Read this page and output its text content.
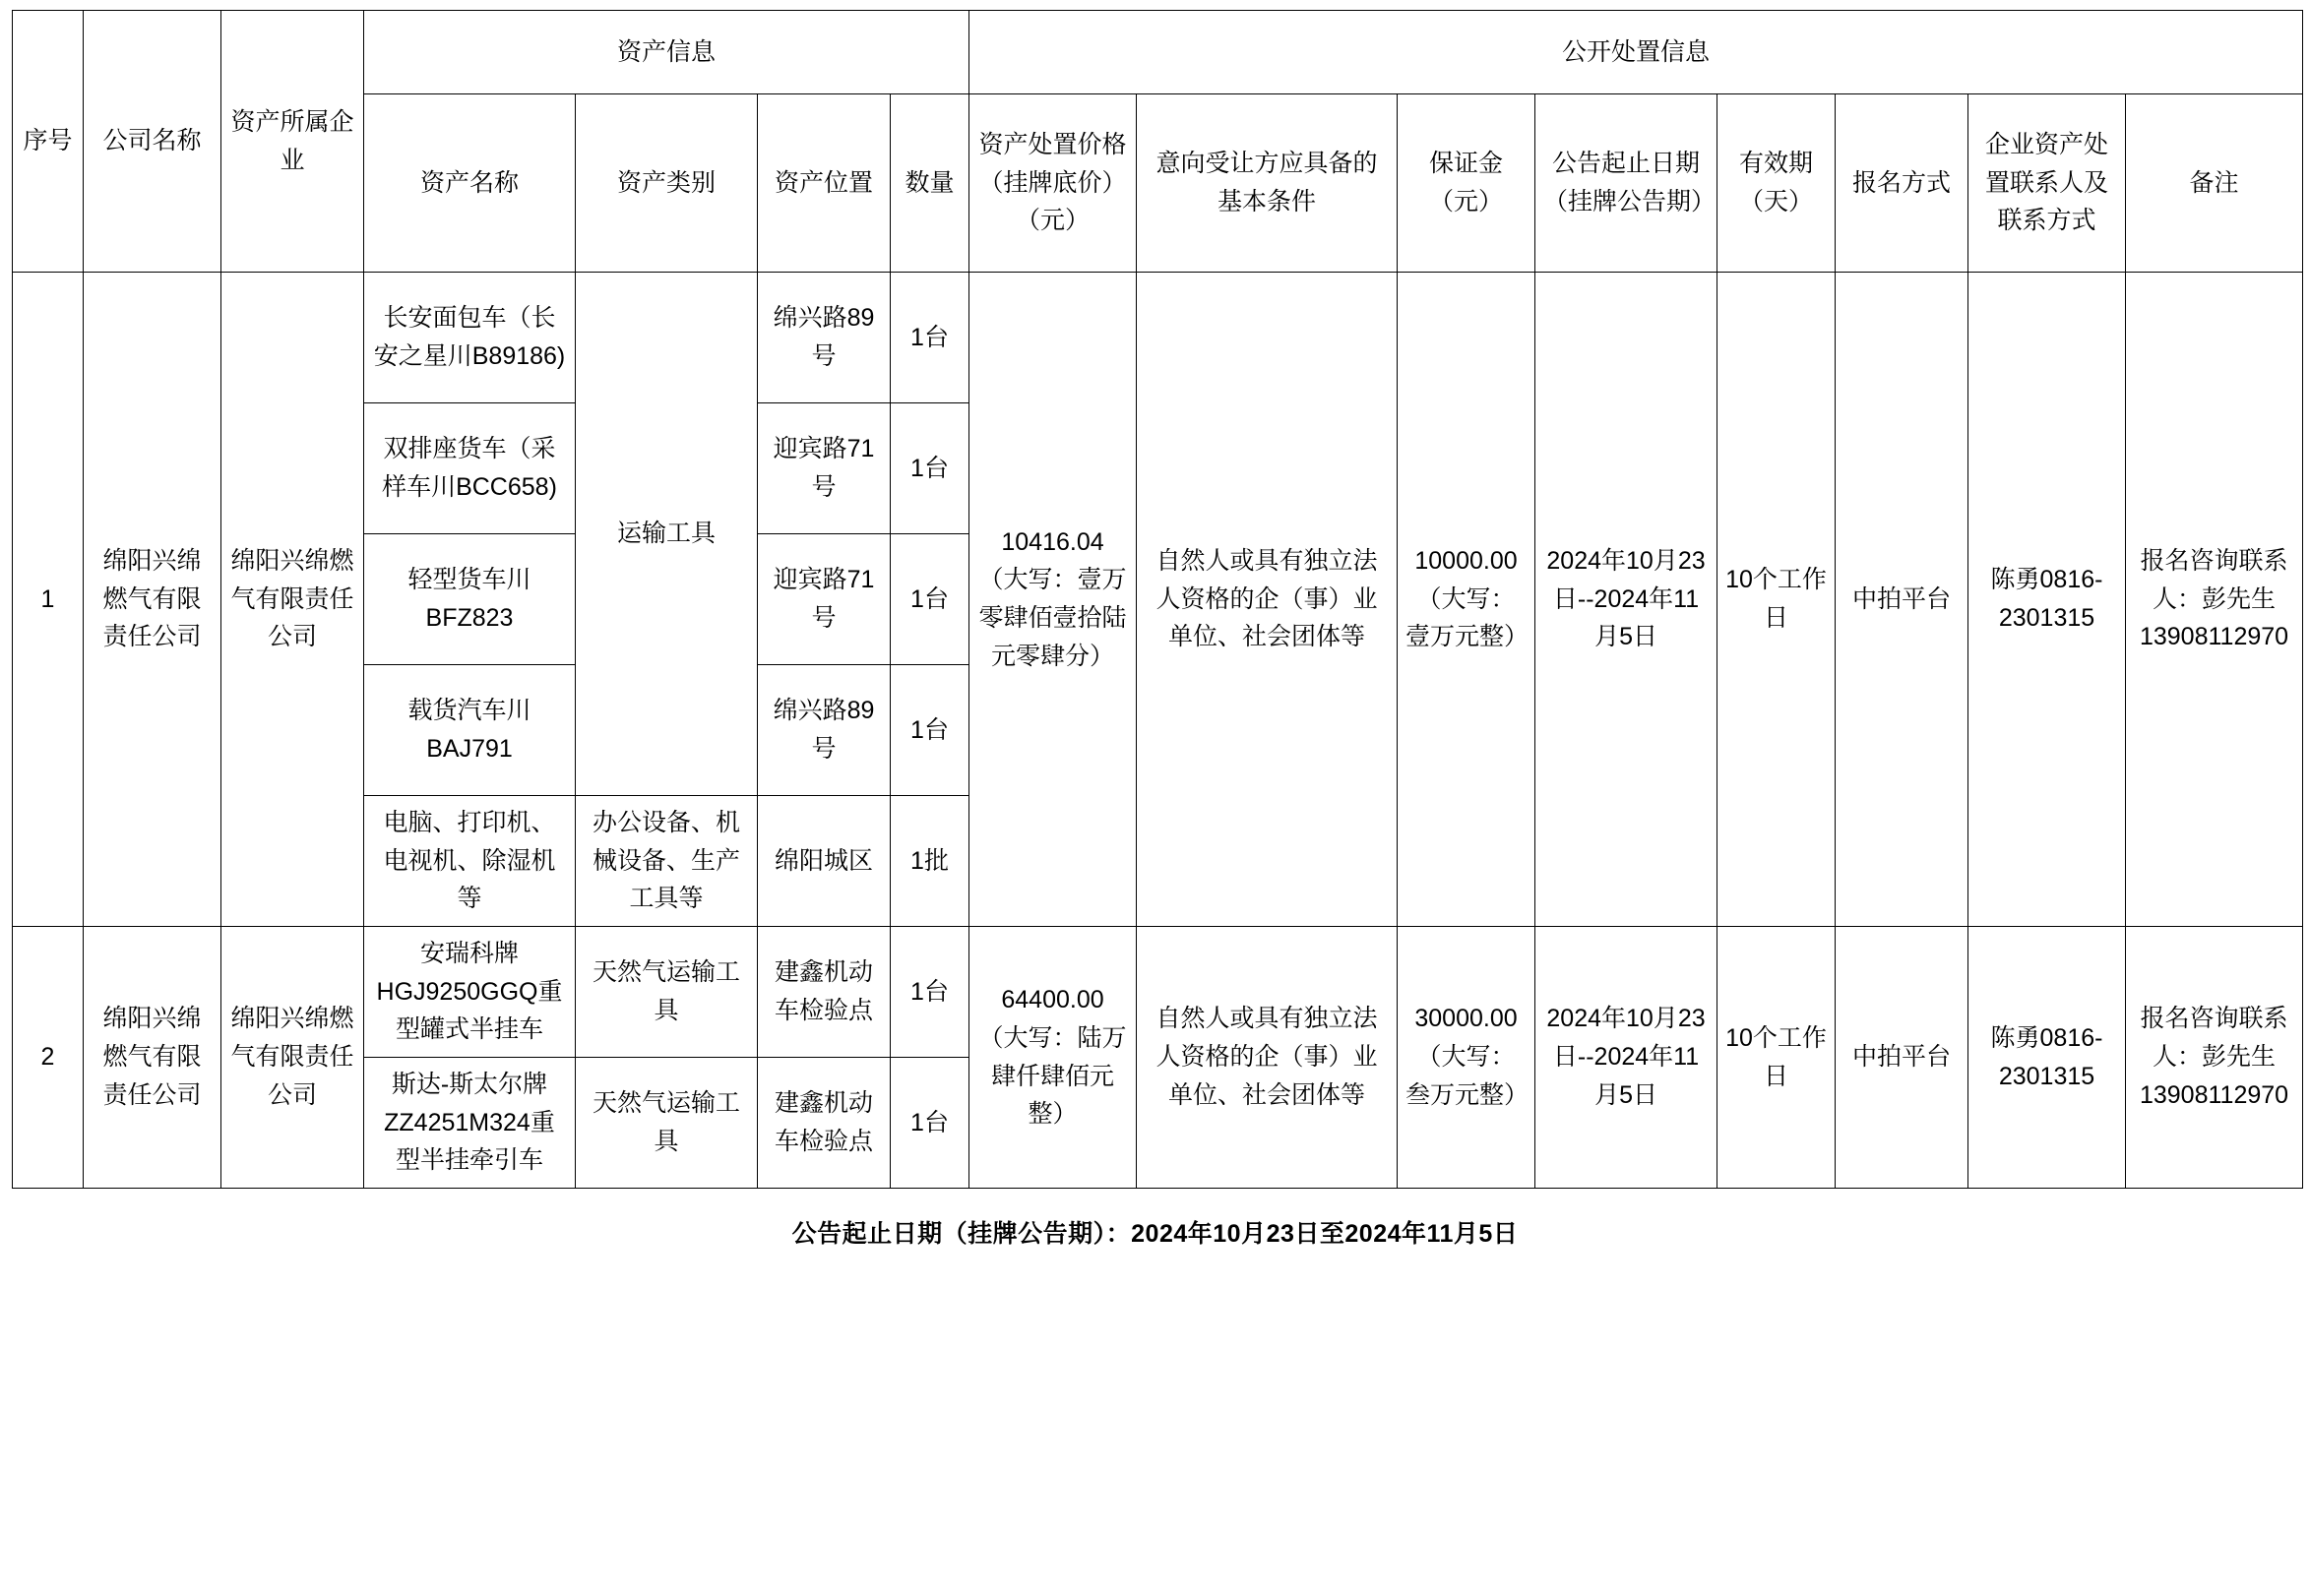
序号	公司名称	资产所属企业	资产信息				公开处置信息							
			资产名称	资产类别	资产位置	数量	资产处置价格（挂牌底价）（元）	意向受让方应具备的基本条件	保证金（元）	公告起止日期（挂牌公告期）	有效期（天）	报名方式	企业资产处置联系人及联系方式	备注
1	绵阳兴绵燃气有限责任公司	绵阳兴绵燃气有限责任公司	长安面包车（长安之星川B89186)	运输工具	绵兴路89号	1台	10416.04（大写：壹万零肆佰壹拾陆元零肆分）	自然人或具有独立法人资格的企（事）业单位、社会团体等	10000.00（大写：壹万元整）	2024年10月23日--2024年11月5日	10个工作日	中拍平台	陈勇0816-2301315	报名咨询联系人：彭先生13908112970
			双排座货车（采样车川BCC658)		迎宾路71号	1台								
			轻型货车川BFZ823		迎宾路71号	1台								
			载货汽车川BAJ791		绵兴路89号	1台								
			电脑、打印机、电视机、除湿机等	办公设备、机械设备、生产工具等	绵阳城区	1批								
2	绵阳兴绵燃气有限责任公司	绵阳兴绵燃气有限责任公司	安瑞科牌HGJ9250GGQ重型罐式半挂车	天然气运输工具	建鑫机动车检验点	1台	64400.00（大写：陆万肆仟肆佰元整）	自然人或具有独立法人资格的企（事）业单位、社会团体等	30000.00（大写：叁万元整）	2024年10月23日--2024年11月5日	10个工作日	中拍平台	陈勇0816-2301315	报名咨询联系人：彭先生13908112970
			斯达-斯太尔牌ZZ4251M324重型半挂牵引车	天然气运输工具	建鑫机动车检验点	1台								
公告起止日期（挂牌公告期）：2024年10月23日至2024年11月5日
